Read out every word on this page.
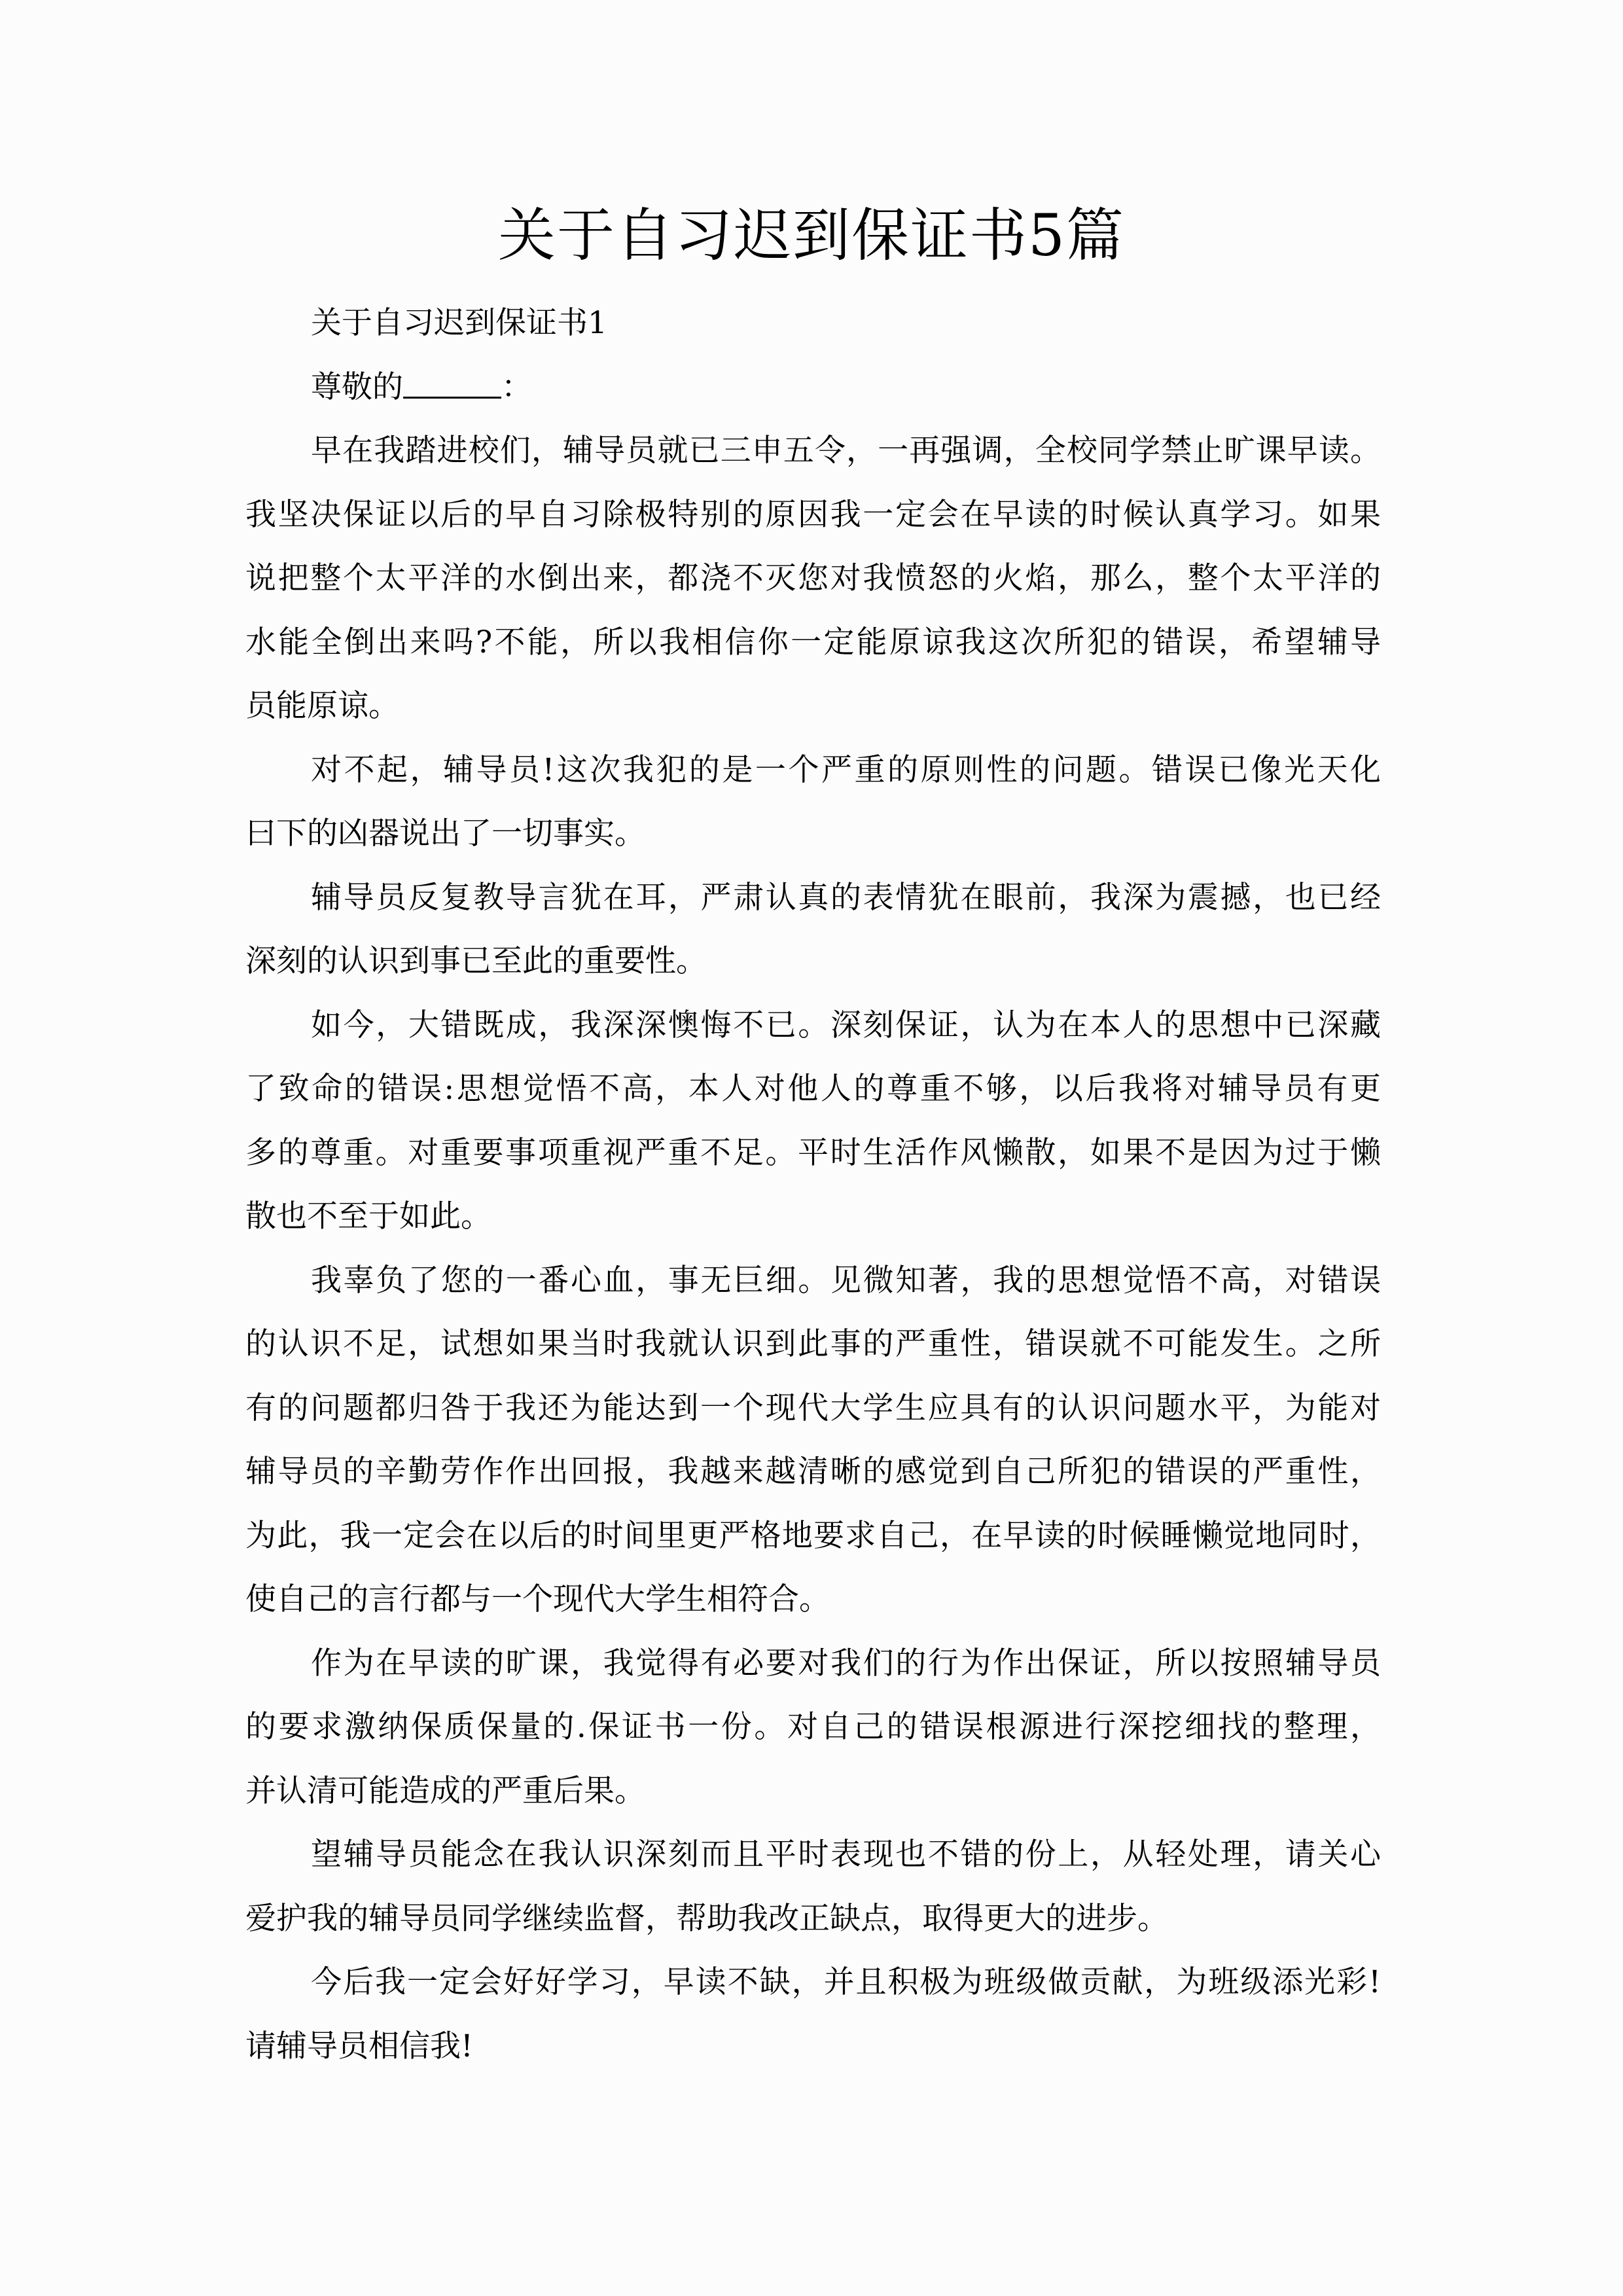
关于自习迟到保证书5篇
关于自习迟到保证书1
尊敬的	：
早在我踏进校们，辅导员就已三申五令，一再强调，全校同学禁止旷课早读。
我坚决保证以后的早自习除极特别的原因我一定会在早读的时候认真学习。如果
说把整个太平洋的水倒出来，都浇不灭您对我愤怒的火焰，那么，整个太平洋的
水能全倒出来吗?不能，所以我相信你一定能原谅我这次所犯的错误，希望辅导
员能原谅。
对不起，辅导员!这次我犯的是一个严重的原则性的问题。错误已像光天化
曰下的凶器说出了一切事实。
辅导员反复教导言犹在耳，严肃认真的表情犹在眼前，我深为震撼，也已经
深刻的认识到事已至此的重要性。
如今，大错既成，我深深懊悔不已。深刻保证，认为在本人的思想中已深藏
了致命的错误:思想觉悟不高，本人对他人的尊重不够，以后我将对辅导员有更
多的尊重。对重要事项重视严重不足。平时生活作风懒散，如果不是因为过于懒
散也不至于如此。
我辜负了您的一番心血，事无巨细。见微知著，我的思想觉悟不高，对错误
的认识不足，试想如果当时我就认识到此事的严重性，错误就不可能发生。之所
有的问题都归咎于我还为能达到一个现代大学生应具有的认识问题水平，为能对
辅导员的辛勤劳作作出回报，我越来越清晰的感觉到自己所犯的错误的严重性，
为此，我一定会在以后的时间里更严格地要求自己，在早读的时候睡懒觉地同时，
使自己的言行都与一个现代大学生相符合。
作为在早读的旷课，我觉得有必要对我们的行为作出保证，所以按照辅导员
的要求激纳保质保量的.保证书一份。对自己的错误根源进行深挖细找的整理，
并认清可能造成的严重后果。
望辅导员能念在我认识深刻而且平时表现也不错的份上，从轻处理，请关心
爱护我的辅导员同学继续监督，帮助我改正缺点，取得更大的进步。
今后我一定会好好学习，早读不缺，并且积极为班级做贡献，为班级添光彩!
请辅导员相信我!
